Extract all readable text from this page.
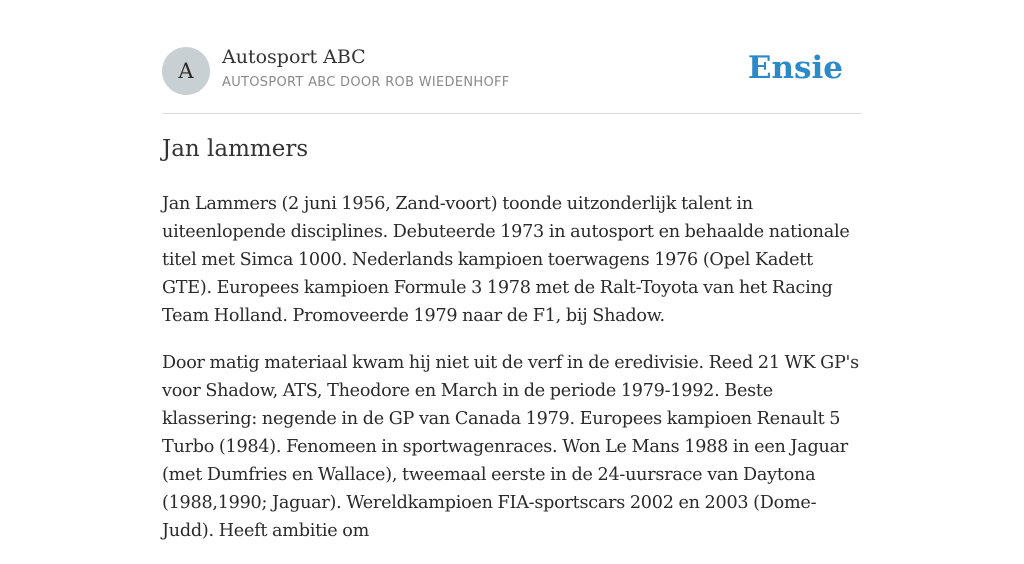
A
Autosport ABC
AUTOSPORT ABC DOOR ROB WIEDENHOFF	Ensie
Jan lammers

Jan Lammers (2 juni 1956, Zand-voort) toonde uitzonderlijk talent in uiteenlopende disciplines. Debuteerde 1973 in autosport en behaalde nationale titel met Simca 1000. Nederlands kampioen toerwagens 1976 (Opel Kadett GTE). Europees kampioen Formule 3 1978 met de Ralt-Toyota van het Racing Team Holland. Promoveerde 1979 naar de F1, bij Shadow.

Door matig materiaal kwam hij niet uit de verf in de eredivisie. Reed 21 WK GP's voor Shadow, ATS, Theodore en March in de periode 1979-1992. Beste klassering: negende in de GP van Canada 1979. Europees kampioen Renault 5 Turbo (1984). Fenomeen in sportwagenraces. Won Le Mans 1988 in een Jaguar (met Dumfries en Wallace), tweemaal eerste in de 24-uursrace van Daytona (1988,1990; Jaguar). Wereldkampioen FIA-sportscars 2002 en 2003 (Dome-Judd). Heeft ambitie om
